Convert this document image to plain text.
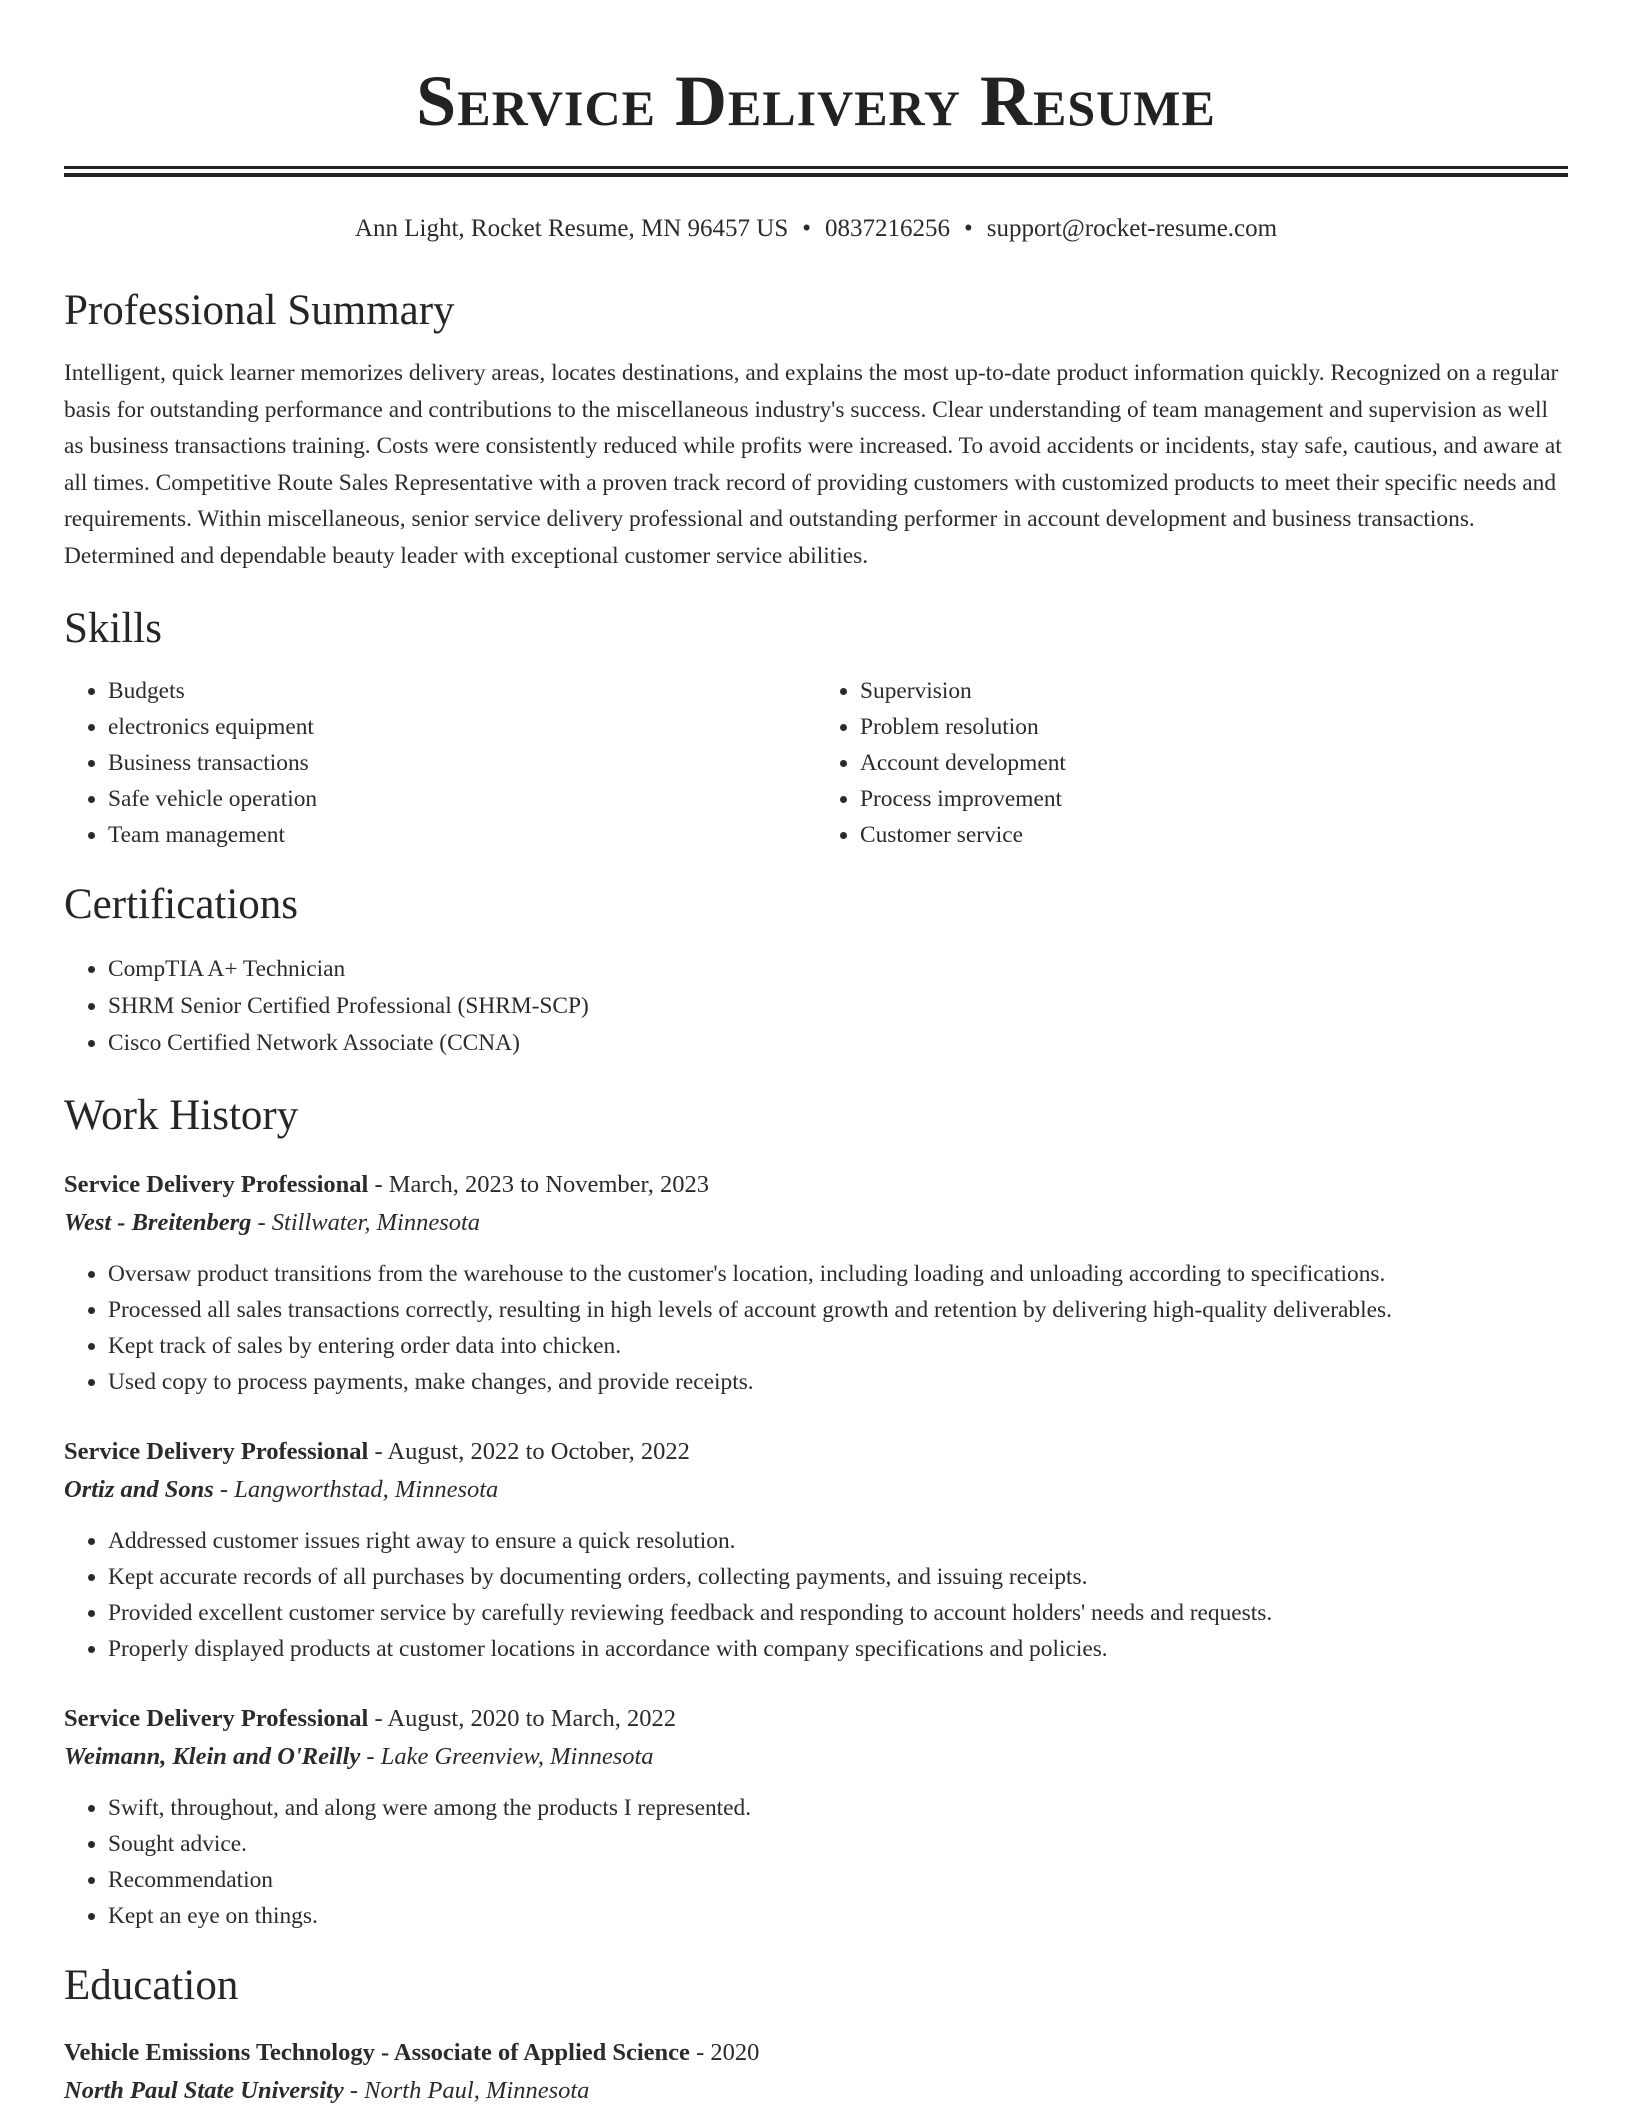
Service Delivery Resume
Ann Light, Rocket Resume, MN 96457 US • 0837216256 • support@rocket-resume.com
Professional Summary

Intelligent, quick learner memorizes delivery areas, locates destinations, and explains the most up-to-date product information quickly. Recognized on a regular basis for outstanding performance and contributions to the miscellaneous industry's success. Clear understanding of team management and supervision as well as business transactions training. Costs were consistently reduced while profits were increased. To avoid accidents or incidents, stay safe, cautious, and aware at all times. Competitive Route Sales Representative with a proven track record of providing customers with customized products to meet their specific needs and requirements. Within miscellaneous, senior service delivery professional and outstanding performer in account development and business transactions. Determined and dependable beauty leader with exceptional customer service abilities.

Skills
• Budgets
• electronics equipment
• Business transactions
• Safe vehicle operation
• Team management
• Supervision
• Problem resolution
• Account development
• Process improvement
• Customer service
Certifications
• CompTIA A+ Technician
• SHRM Senior Certified Professional (SHRM-SCP)
• Cisco Certified Network Associate (CCNA)
Work History
Service Delivery Professional - March, 2023 to November, 2023
West - Breitenberg - Stillwater, Minnesota
• Oversaw product transitions from the warehouse to the customer's location, including loading and unloading according to specifications.
• Processed all sales transactions correctly, resulting in high levels of account growth and retention by delivering high-quality deliverables.
• Kept track of sales by entering order data into chicken.
• Used copy to process payments, make changes, and provide receipts.
Service Delivery Professional - August, 2022 to October, 2022
Ortiz and Sons - Langworthstad, Minnesota
• Addressed customer issues right away to ensure a quick resolution.
• Kept accurate records of all purchases by documenting orders, collecting payments, and issuing receipts.
• Provided excellent customer service by carefully reviewing feedback and responding to account holders' needs and requests.
• Properly displayed products at customer locations in accordance with company specifications and policies.
Service Delivery Professional - August, 2020 to March, 2022
Weimann, Klein and O'Reilly - Lake Greenview, Minnesota
• Swift, throughout, and along were among the products I represented.
• Sought advice.
• Recommendation
• Kept an eye on things.
Education
Vehicle Emissions Technology - Associate of Applied Science - 2020
North Paul State University - North Paul, Minnesota
